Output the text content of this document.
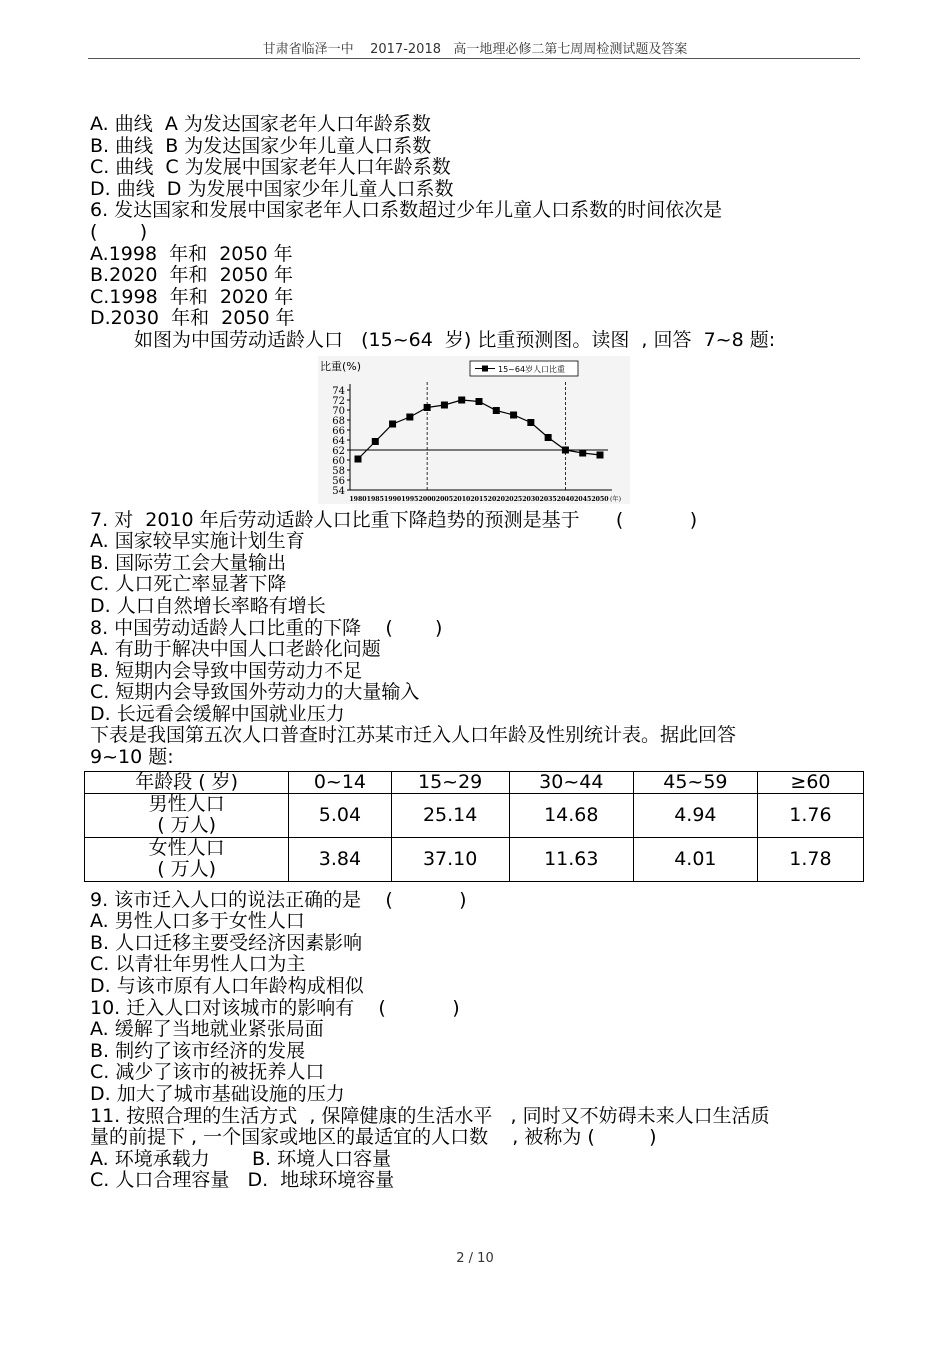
甘肃省临泽一中    2017-2018   高一地理必修二第七周周检测试题及答案
A. 曲线  A 为发达国家老年人口年龄系数
B. 曲线  B 为发达国家少年儿童人口系数
C. 曲线  C 为发展中国家老年人口年龄系数
D. 曲线  D 为发展中国家少年儿童人口系数
6. 发达国家和发展中国家老年人口系数超过少年儿童人口系数的时间依次是
(       )
A.1998  年和  2050 年
B.2020  年和  2050 年
C.1998  年和  2020 年
D.2030  年和  2050 年
如图为中国劳动适龄人口   (15~64  岁) 比重预测图。读图  , 回答  7~8 题:
54
56
58
60
62
64
66
68
70
72
74
1980 1985 1990 1995 2000 2005 2010 2015 2020 2025 2030 2035 2040 2045 2050 (年)
比重(%)	15~64岁人口比重
7. 对  2010 年后劳动适龄人口比重下降趋势的预测是基于      (           )
A. 国家较早实施计划生育
B. 国际劳工会大量输出
C. 人口死亡率显著下降
D. 人口自然增长率略有增长
8. 中国劳动适龄人口比重的下降    (       )
A. 有助于解决中国人口老龄化问题
B. 短期内会导致中国劳动力不足
C. 短期内会导致国外劳动力的大量输入
D. 长远看会缓解中国就业压力
下表是我国第五次人口普查时江苏某市迁入人口年龄及性别统计表。据此回答
9~10 题:
年龄段 ( 岁)	0~14	15~29	30~44	45~59	≥60

男性人口
( 万人)	5.04	25.14	14.68	4.94	1.76

女性人口
( 万人)	3.84	37.10	11.63	4.01	1.78
9. 该市迁入人口的说法正确的是    (           )
A. 男性人口多于女性人口
B. 人口迁移主要受经济因素影响
C. 以青壮年男性人口为主
D. 与该市原有人口年龄构成相似
10. 迁入人口对该城市的影响有    (           )
A. 缓解了当地就业紧张局面
B. 制约了该市经济的发展
C. 减少了该市的被抚养人口
D. 加大了城市基础设施的压力
11. 按照合理的生活方式  , 保障健康的生活水平   , 同时又不妨碍未来人口生活质
量的前提下 , 一个国家或地区的最适宜的人口数    , 被称为 (         )
A. 环境承载力       B. 环境人口容量
C. 人口合理容量   D.  地球环境容量
2 / 10
